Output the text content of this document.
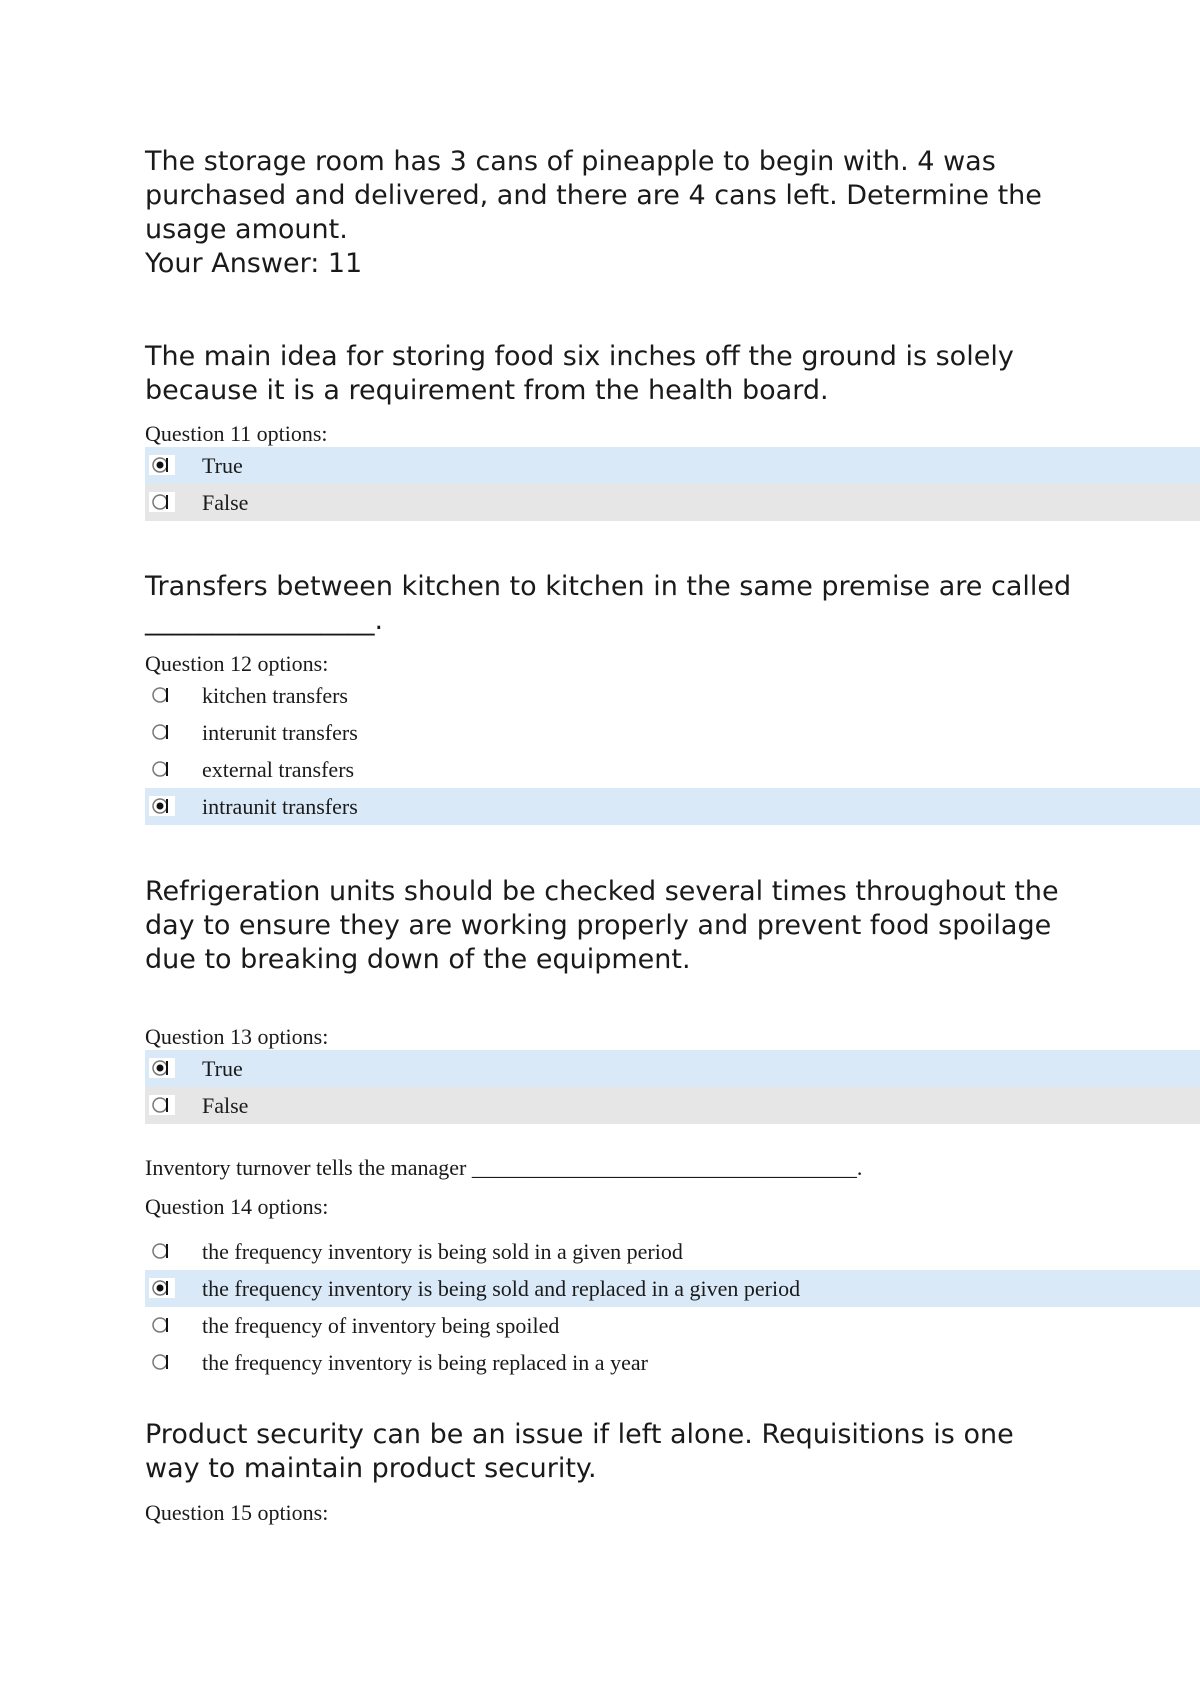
The storage room has 3 cans of pineapple to begin with. 4 was purchased and delivered, and there are 4 cans left. Determine the usage amount.

Your Answer: 11

The main idea for storing food six inches off the ground is solely because it is a requirement from the health board.

Question 11 options:

True
False

Transfers between kitchen to kitchen in the same premise are called _________________.

Question 12 options:

kitchen transfers
interunit transfers
external transfers
intraunit transfers

Refrigeration units should be checked several times throughout the day to ensure they are working properly and prevent food spoilage due to breaking down of the equipment.

Question 13 options:

True
False

Inventory turnover tells the manager ___________________________________.

Question 14 options:

the frequency inventory is being sold in a given period
the frequency inventory is being sold and replaced in a given period
the frequency of inventory being spoiled
the frequency inventory is being replaced in a year

Product security can be an issue if left alone. Requisitions is one way to maintain product security.

Question 15 options:
